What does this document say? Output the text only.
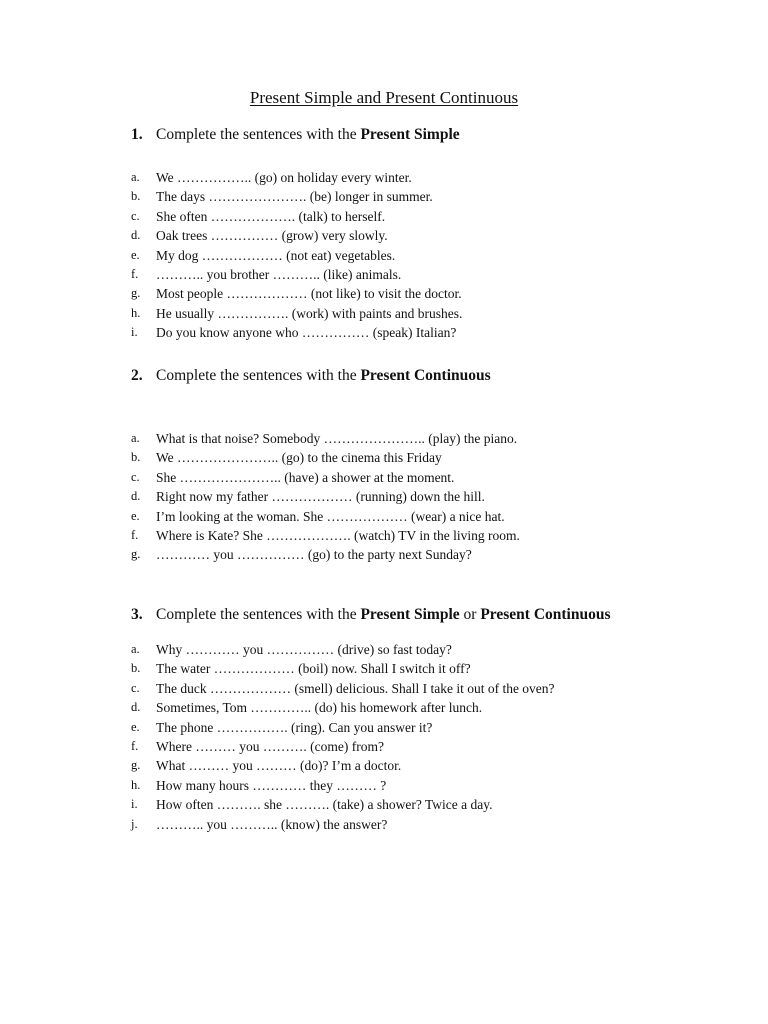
Present Simple and Present Continuous
1. Complete the sentences with the Present Simple
a. We …………….. (go) on holiday every winter.
b. The days …………………. (be) longer in summer.
c. She often ………………. (talk) to herself.
d. Oak trees …………… (grow) very slowly.
e. My dog ……………… (not eat) vegetables.
f. ……….. you brother ……….. (like) animals.
g. Most people ……………… (not like) to visit the doctor.
h. He usually ……………. (work) with paints and brushes.
i. Do you know anyone who …………… (speak) Italian?
2. Complete the sentences with the Present Continuous
a. What is that noise? Somebody ………………….. (play) the piano.
b. We ………………….. (go) to the cinema this Friday
c. She ………………….. (have) a shower at the moment.
d. Right now my father ……………… (running) down the hill.
e. I’m looking at the woman. She ……………… (wear) a nice hat.
f. Where is Kate? She ………………. (watch) TV in the living room.
g. ………… you …………… (go) to the party next Sunday?
3. Complete the sentences with the Present Simple or Present Continuous
a. Why ………… you …………… (drive) so fast today?
b. The water ……………… (boil) now. Shall I switch it off?
c. The duck ……………… (smell) delicious. Shall I take it out of the oven?
d. Sometimes, Tom ………….. (do) his homework after lunch.
e. The phone ……………. (ring). Can you answer it?
f. Where ……… you ………. (come) from?
g. What ……… you ……… (do)? I’m a doctor.
h. How many hours ………… they ……… ?
i. How often ………. she ………. (take) a shower? Twice a day.
j. ……….. you ……….. (know) the answer?
